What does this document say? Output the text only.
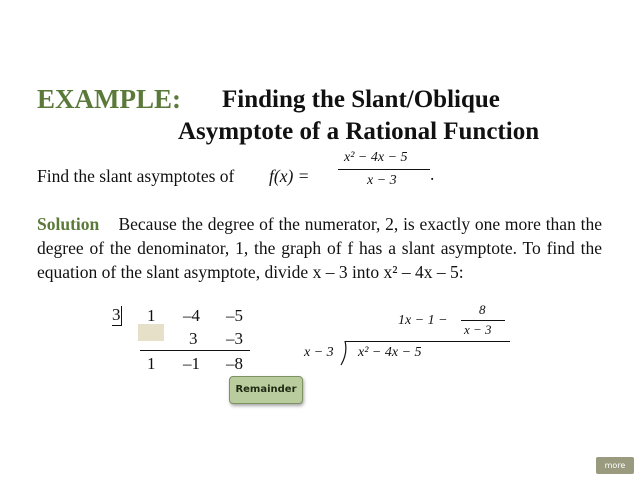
EXAMPLE: Finding the Slant/Oblique
Asymptote of a Rational Function
Find the slant asymptotes of f(x) =
x² − 4x − 5
x − 3 .
Solution Because the degree of the numerator, 2, is exactly one more than the degree of the denominator, 1, the graph of f has a slant asymptote. To find the equation of the slant asymptote, divide x – 3 into x² – 4x – 5:
3 1 –4 –5
3 –3
1 –1 –8
Remainder
1x − 1 −
8
x − 3
x − 3 x² − 4x − 5
more
